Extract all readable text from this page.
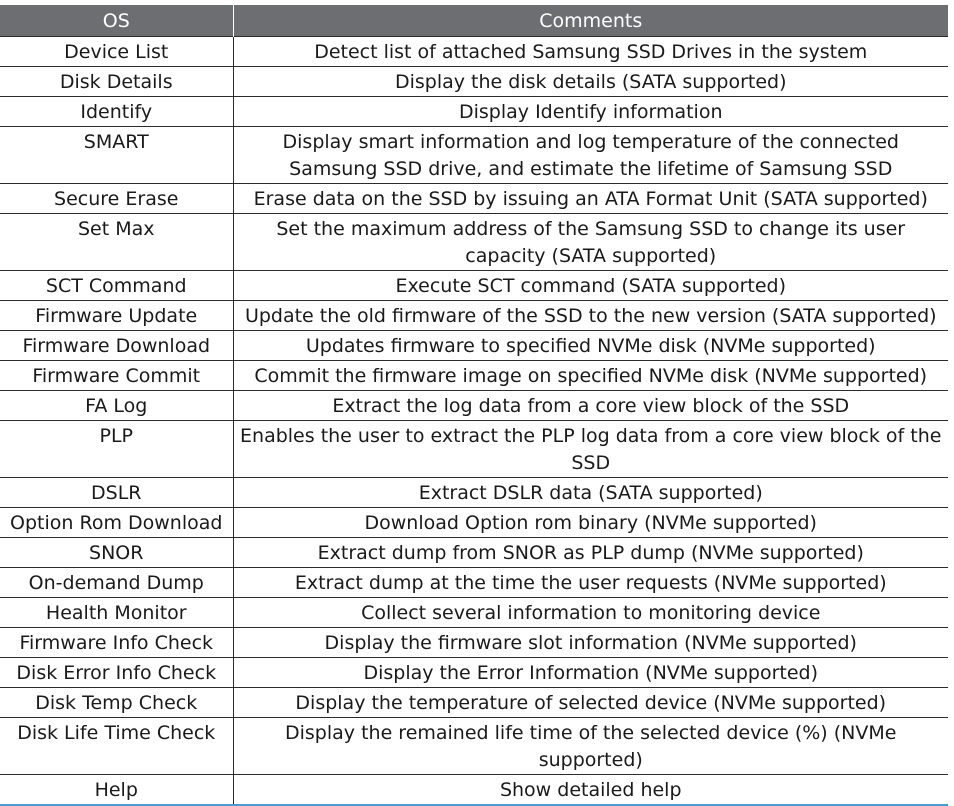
OS	Comments
Device List	Detect list of attached Samsung SSD Drives in the system
Disk Details	Display the disk details (SATA supported)
Identify	Display Identify information
SMART	Display smart information and log temperature of the connected Samsung SSD drive, and estimate the lifetime of Samsung SSD
Secure Erase	Erase data on the SSD by issuing an ATA Format Unit (SATA supported)
Set Max	Set the maximum address of the Samsung SSD to change its user capacity (SATA supported)
SCT Command	Execute SCT command (SATA supported)
Firmware Update	Update the old firmware of the SSD to the new version (SATA supported)
Firmware Download	Updates firmware to specified NVMe disk (NVMe supported)
Firmware Commit	Commit the firmware image on specified NVMe disk (NVMe supported)
FA Log	Extract the log data from a core view block of the SSD
PLP	Enables the user to extract the PLP log data from a core view block of the SSD
DSLR	Extract DSLR data (SATA supported)
Option Rom Download	Download Option rom binary (NVMe supported)
SNOR	Extract dump from SNOR as PLP dump (NVMe supported)
On-demand Dump	Extract dump at the time the user requests (NVMe supported)
Health Monitor	Collect several information to monitoring device
Firmware Info Check	Display the firmware slot information (NVMe supported)
Disk Error Info Check	Display the Error Information (NVMe supported)
Disk Temp Check	Display the temperature of selected device (NVMe supported)
Disk Life Time Check	Display the remained life time of the selected device (%) (NVMe supported)
Help	Show detailed help
